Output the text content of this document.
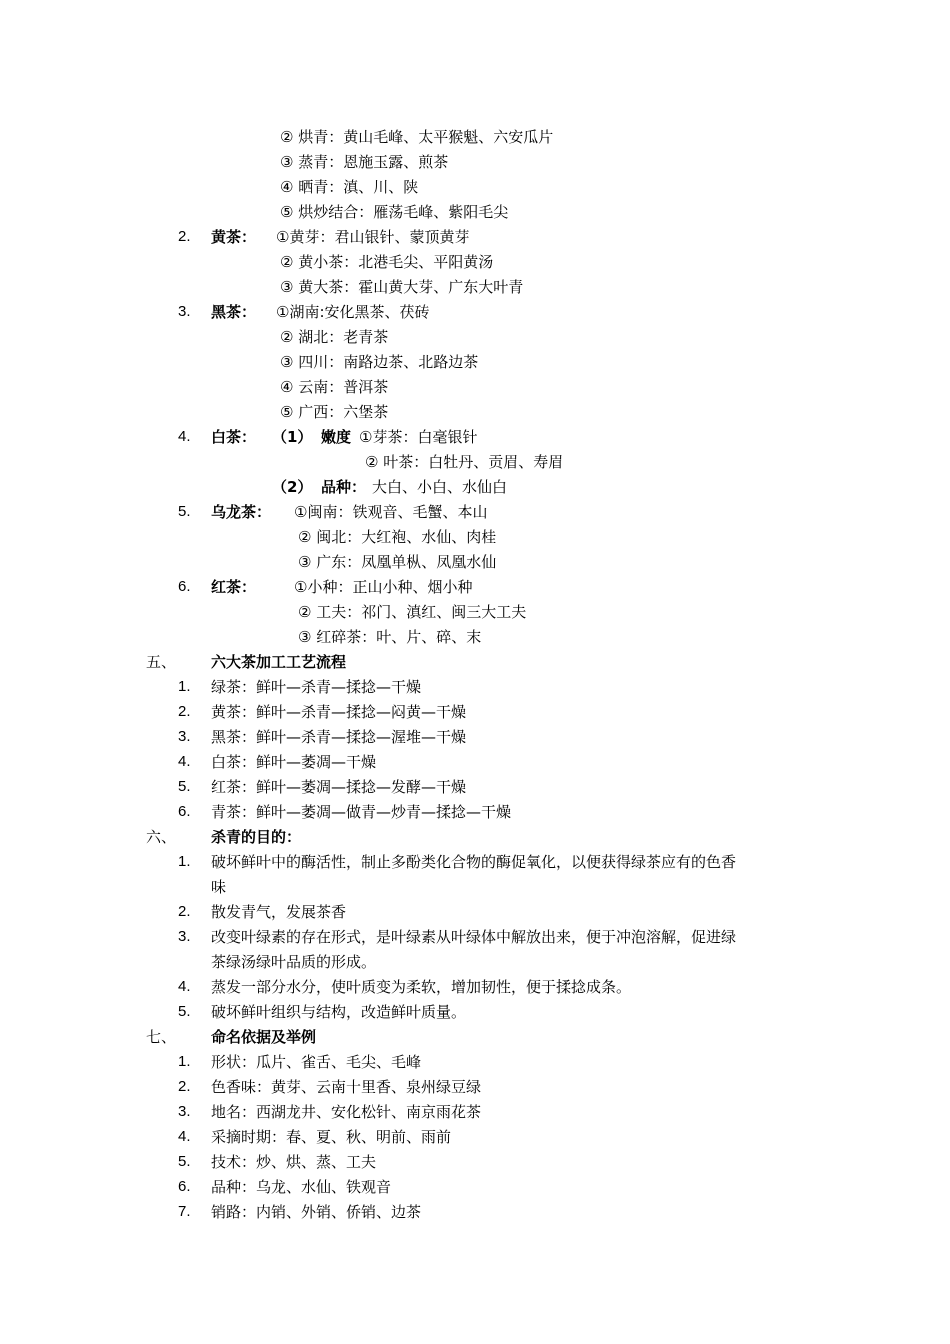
② 烘青：黄山毛峰、太平猴魁、六安瓜片
③ 蒸青：恩施玉露、煎茶
④ 晒青：滇、川、陕
⑤ 烘炒结合：雁荡毛峰、紫阳毛尖
2. 黄茶： ①黄芽：君山银针、蒙顶黄芽
② 黄小茶：北港毛尖、平阳黄汤
③ 黄大茶：霍山黄大芽、广东大叶青
3. 黑茶： ①湖南:安化黑茶、茯砖
② 湖北：老青茶
③ 四川：南路边茶、北路边茶
④ 云南：普洱茶
⑤ 广西：六堡茶
4. 白茶： （1） 嫩度 ①芽茶：白毫银针
② 叶茶：白牡丹、贡眉、寿眉
（2） 品种： 大白、小白、水仙白
5. 乌龙茶： ①闽南：铁观音、毛蟹、本山
② 闽北：大红袍、水仙、肉桂
③ 广东：凤凰单枞、凤凰水仙
6. 红茶：	①小种：正山小种、烟小种
② 工夫：祁门、滇红、闽三大工夫
③ 红碎茶：叶、片、碎、末
五、 六大茶加工工艺流程
1. 绿茶：鲜叶—杀青—揉捻—干燥
2. 黄茶：鲜叶—杀青—揉捻—闷黄—干燥
3. 黑茶：鲜叶—杀青—揉捻—渥堆—干燥
4. 白茶：鲜叶—萎凋—干燥
5. 红茶：鲜叶—萎凋—揉捻—发酵—干燥
6. 青茶：鲜叶—萎凋—做青—炒青—揉捻—干燥
六、 杀青的目的：
1. 破坏鲜叶中的酶活性，制止多酚类化合物的酶促氧化，以便获得绿茶应有的色香
味
2. 散发青气，发展茶香
3. 改变叶绿素的存在形式，是叶绿素从叶绿体中解放出来，便于冲泡溶解，促进绿
茶绿汤绿叶品质的形成。
4. 蒸发一部分水分，使叶质变为柔软，增加韧性，便于揉捻成条。
5. 破坏鲜叶组织与结构，改造鲜叶质量。
七、 命名依据及举例
1. 形状：瓜片、雀舌、毛尖、毛峰
2. 色香味：黄芽、云南十里香、泉州绿豆绿
3. 地名：西湖龙井、安化松针、南京雨花茶
4. 采摘时期：春、夏、秋、明前、雨前
5. 技术：炒、烘、蒸、工夫
6. 品种：乌龙、水仙、铁观音
7. 销路：内销、外销、侨销、边茶
